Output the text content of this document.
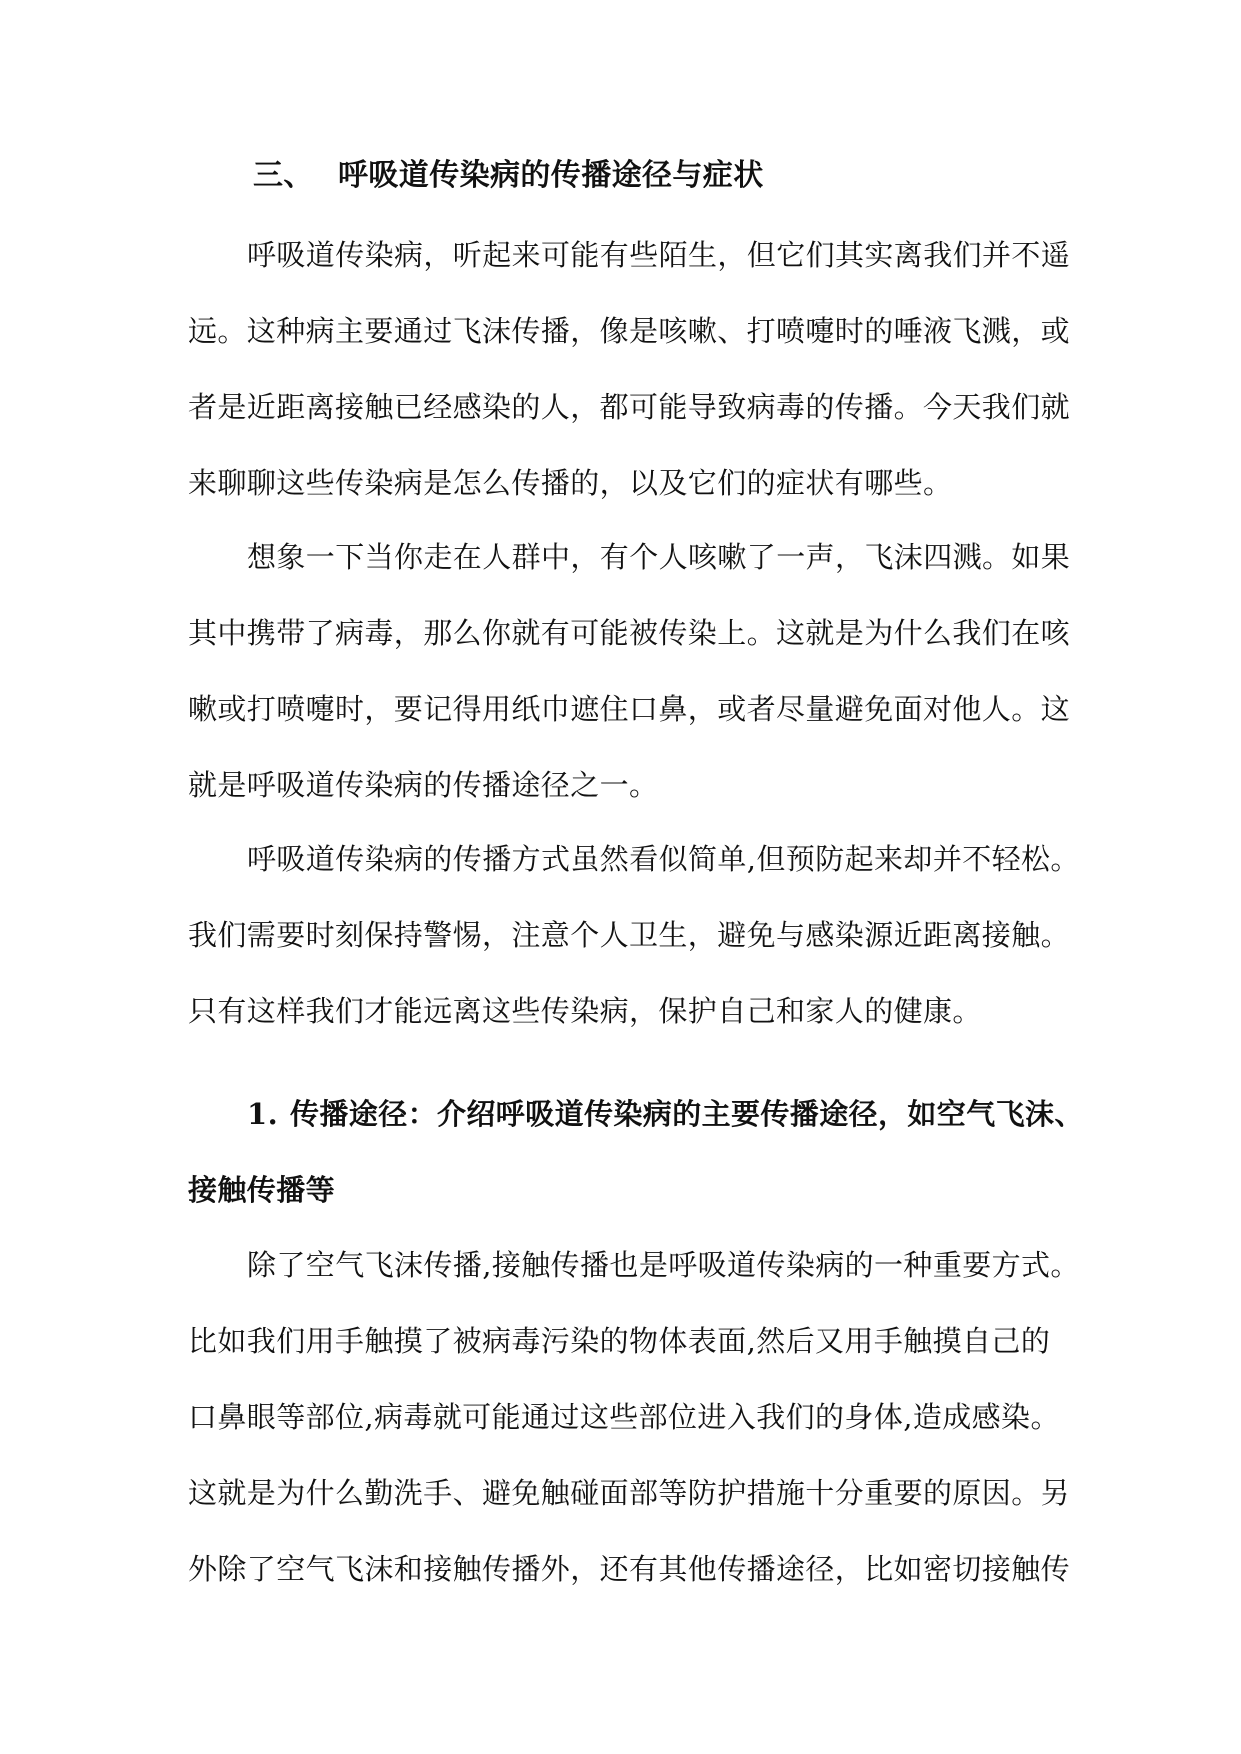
三、 呼吸道传染病的传播途径与症状
呼吸道传染病，听起来可能有些陌生，但它们其实离我们并不遥
远。这种病主要通过飞沫传播，像是咳嗽、打喷嚏时的唾液飞溅，或
者是近距离接触已经感染的人，都可能导致病毒的传播。今天我们就
来聊聊这些传染病是怎么传播的，以及它们的症状有哪些。
想象一下当你走在人群中，有个人咳嗽了一声，飞沫四溅。如果
其中携带了病毒，那么你就有可能被传染上。这就是为什么我们在咳
嗽或打喷嚏时，要记得用纸巾遮住口鼻，或者尽量避免面对他人。这
就是呼吸道传染病的传播途径之一。
呼吸道传染病的传播方式虽然看似简单,但预防起来却并不轻松。
我们需要时刻保持警惕，注意个人卫生，避免与感染源近距离接触。
只有这样我们才能远离这些传染病，保护自己和家人的健康。
1. 传播途径：介绍呼吸道传染病的主要传播途径，如空气飞沫、
接触传播等
除了空气飞沫传播,接触传播也是呼吸道传染病的一种重要方式。
比如我们用手触摸了被病毒污染的物体表面,然后又用手触摸自己的
口鼻眼等部位,病毒就可能通过这些部位进入我们的身体,造成感染。
这就是为什么勤洗手、避免触碰面部等防护措施十分重要的原因。另
外除了空气飞沫和接触传播外，还有其他传播途径，比如密切接触传
